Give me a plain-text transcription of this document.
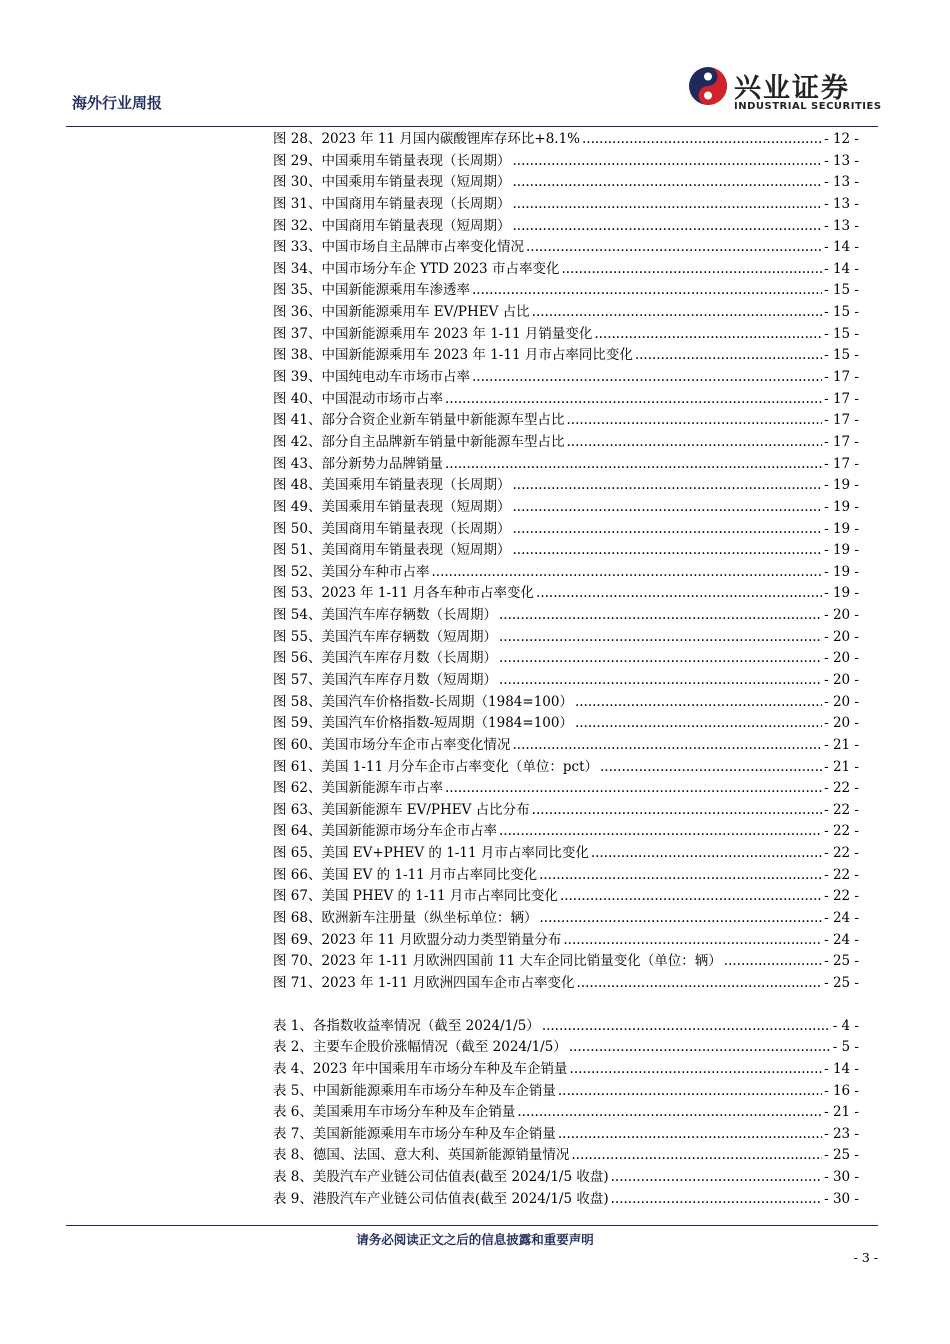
海外行业周报	兴业证券
INDUSTRIAL SECURITIES
图 28、2023 年 11 月国内碳酸锂库存环比+8.1% .....	- 12 -
图 29、中国乘用车销量表现（长周期） .....	- 13 -
图 30、中国乘用车销量表现（短周期） .....	- 13 -
图 31、中国商用车销量表现（长周期） .....	- 13 -
图 32、中国商用车销量表现（短周期） .....	- 13 -
图 33、中国市场自主品牌市占率变化情况 .....	- 14 -
图 34、中国市场分车企 YTD 2023 市占率变化 .....	- 14 -
图 35、中国新能源乘用车渗透率 .....	- 15 -
图 36、中国新能源乘用车 EV/PHEV 占比 .....	- 15 -
图 37、中国新能源乘用车 2023 年 1-11 月销量变化 .....	- 15 -
图 38、中国新能源乘用车 2023 年 1-11 月市占率同比变化 .....	- 15 -
图 39、中国纯电动车市场市占率 .....	- 17 -
图 40、中国混动市场市占率 .....	- 17 -
图 41、部分合资企业新车销量中新能源车型占比 .....	- 17 -
图 42、部分自主品牌新车销量中新能源车型占比 .....	- 17 -
图 43、部分新势力品牌销量 .....	- 17 -
图 48、美国乘用车销量表现（长周期） .....	- 19 -
图 49、美国乘用车销量表现（短周期） .....	- 19 -
图 50、美国商用车销量表现（长周期） .....	- 19 -
图 51、美国商用车销量表现（短周期） .....	- 19 -
图 52、美国分车种市占率 .....	- 19 -
图 53、2023 年 1-11 月各车种市占率变化 .....	- 19 -
图 54、美国汽车库存辆数（长周期） .....	- 20 -
图 55、美国汽车库存辆数（短周期） .....	- 20 -
图 56、美国汽车库存月数（长周期） .....	- 20 -
图 57、美国汽车库存月数（短周期） .....	- 20 -
图 58、美国汽车价格指数-长周期（1984=100） .....	- 20 -
图 59、美国汽车价格指数-短周期（1984=100） .....	- 20 -
图 60、美国市场分车企市占率变化情况 .....	- 21 -
图 61、美国 1-11 月分车企市占率变化（单位：pct） .....	- 21 -
图 62、美国新能源车市占率 .....	- 22 -
图 63、美国新能源车 EV/PHEV 占比分布 .....	- 22 -
图 64、美国新能源市场分车企市占率 .....	- 22 -
图 65、美国 EV+PHEV 的 1-11 月市占率同比变化 .....	- 22 -
图 66、美国 EV 的 1-11 月市占率同比变化 .....	- 22 -
图 67、美国 PHEV 的 1-11 月市占率同比变化 .....	- 22 -
图 68、欧洲新车注册量（纵坐标单位：辆） .....	- 24 -
图 69、2023 年 11 月欧盟分动力类型销量分布 .....	- 24 -
图 70、2023 年 1-11 月欧洲四国前 11 大车企同比销量变化（单位：辆） .....	- 25 -
图 71、2023 年 1-11 月欧洲四国车企市占率变化 .....	- 25 -
表 1、各指数收益率情况（截至 2024/1/5） .....	- 4 -
表 2、主要车企股价涨幅情况（截至 2024/1/5） .....	- 5 -
表 4、2023 年中国乘用车市场分车种及车企销量 .....	- 14 -
表 5、中国新能源乘用车市场分车种及车企销量 .....	- 16 -
表 6、美国乘用车市场分车种及车企销量 .....	- 21 -
表 7、美国新能源乘用车市场分车种及车企销量 .....	- 23 -
表 8、德国、法国、意大利、英国新能源销量情况 .....	- 25 -
表 8、美股汽车产业链公司估值表(截至 2024/1/5 收盘) .....	- 30 -
表 9、港股汽车产业链公司估值表(截至 2024/1/5 收盘) .....	- 30 -
请务必阅读正文之后的信息披露和重要声明
- 3 -
